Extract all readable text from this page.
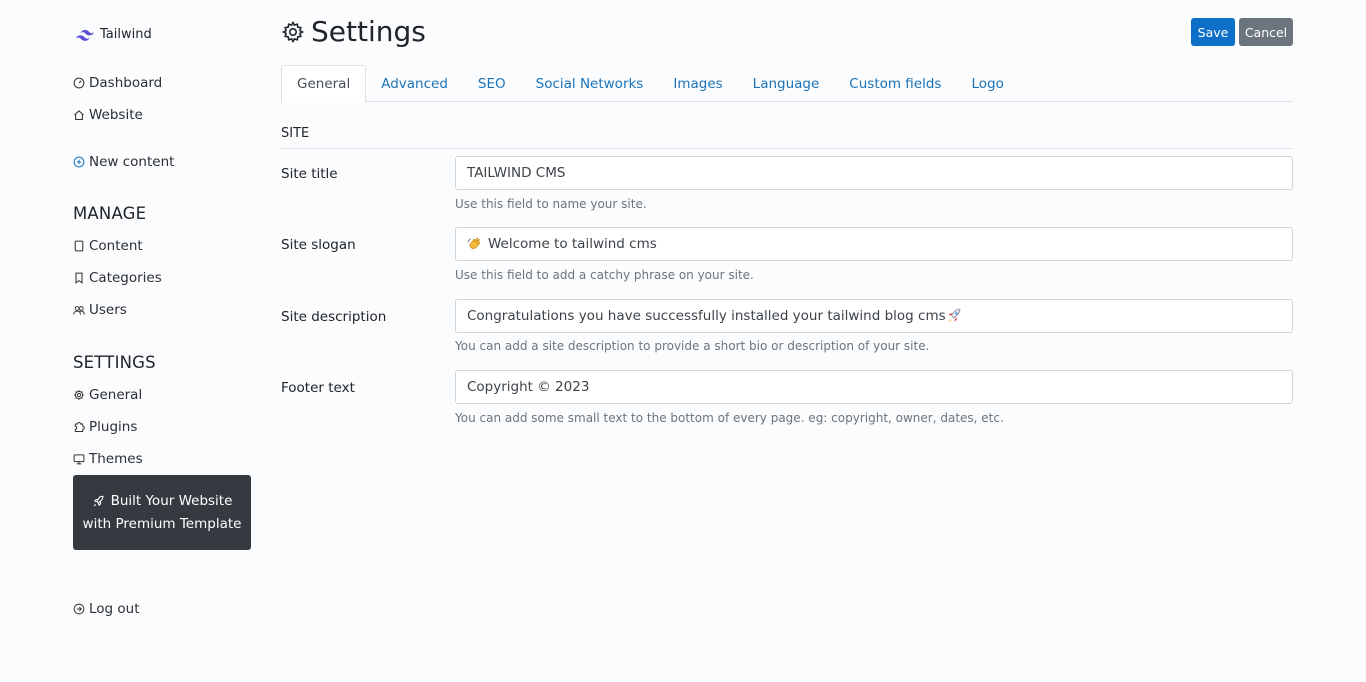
Tailwind
Dashboard
Website
New content
MANAGE
Content
Categories
Users
SETTINGS
General
Plugins
Themes
Built Your Website
with Premium Template
Log out
Settings	Save	Cancel
General	Advanced	SEO	Social Networks	Images	Language	Custom fields	Logo
SITE
Site title	TAILWIND CMS
Use this field to name your site.
Site slogan	Welcome to tailwind cms
Use this field to add a catchy phrase on your site.
Site description	Congratulations you have successfully installed your tailwind blog cms
You can add a site description to provide a short bio or description of your site.
Footer text	Copyright © 2023
You can add some small text to the bottom of every page. eg: copyright, owner, dates, etc.
